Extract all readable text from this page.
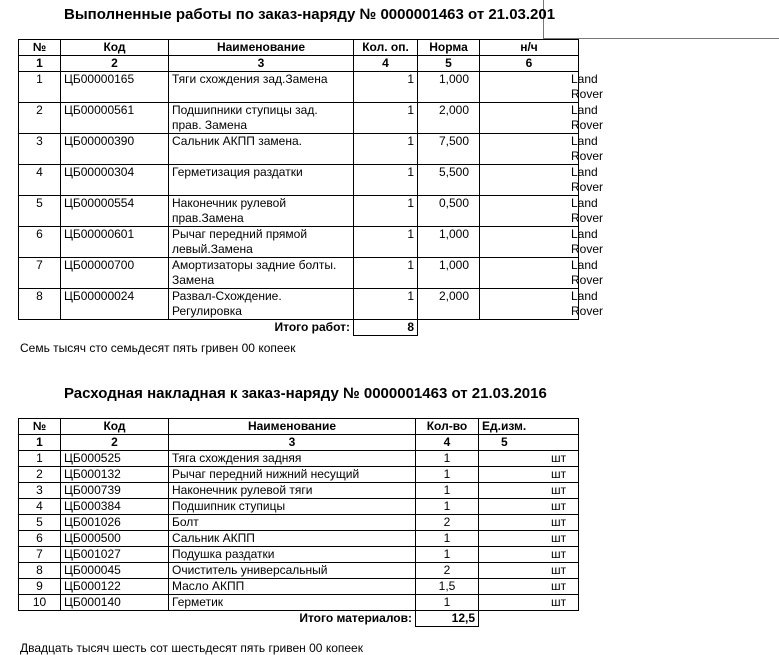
Выполненные работы по заказ-наряду № 0000001463 от 21.03.201
№	Код	Наименование	Кол. оп.	Норма	н/ч
1	2	3	4	5	6
1	ЦБ00000165	Тяги схождения зад.Замена	1	1,000	Land Rover
2	ЦБ00000561	Подшипники ступицы зад. прав. Замена	1	2,000	Land Rover
3	ЦБ00000390	Сальник АКПП замена.	1	7,500	Land Rover
4	ЦБ00000304	Герметизация раздатки	1	5,500	Land Rover
5	ЦБ00000554	Наконечник рулевой прав.Замена	1	0,500	Land Rover
6	ЦБ00000601	Рычаг передний прямой левый.Замена	1	1,000	Land Rover
7	ЦБ00000700	Амортизаторы задние болты. Замена	1	1,000	Land Rover
8	ЦБ00000024	Развал-Схождение. Регулировка	1	2,000	Land Rover
Итого работ:			8		
Семь тысяч сто семьдесят пять гривен 00 копеек
Расходная накладная к заказ-наряду № 0000001463 от 21.03.2016
№	Код	Наименование	Кол-во	Ед.изм.
1	2	3	4	5
1	ЦБ000525	Тяга схождения задняя	1	шт
2	ЦБ000132	Рычаг передний нижний несущий	1	шт
3	ЦБ000739	Наконечник рулевой тяги	1	шт
4	ЦБ000384	Подшипник ступицы	1	шт
5	ЦБ001026	Болт	2	шт
6	ЦБ000500	Сальник АКПП	1	шт
7	ЦБ001027	Подушка раздатки	1	шт
8	ЦБ000045	Очиститель универсальный	2	шт
9	ЦБ000122	Масло АКПП	1,5	шт
10	ЦБ000140	Герметик	1	шт
Итого материалов:			12,5	
Двадцать тысяч шесть сот шестьдесят пять гривен 00 копеек
